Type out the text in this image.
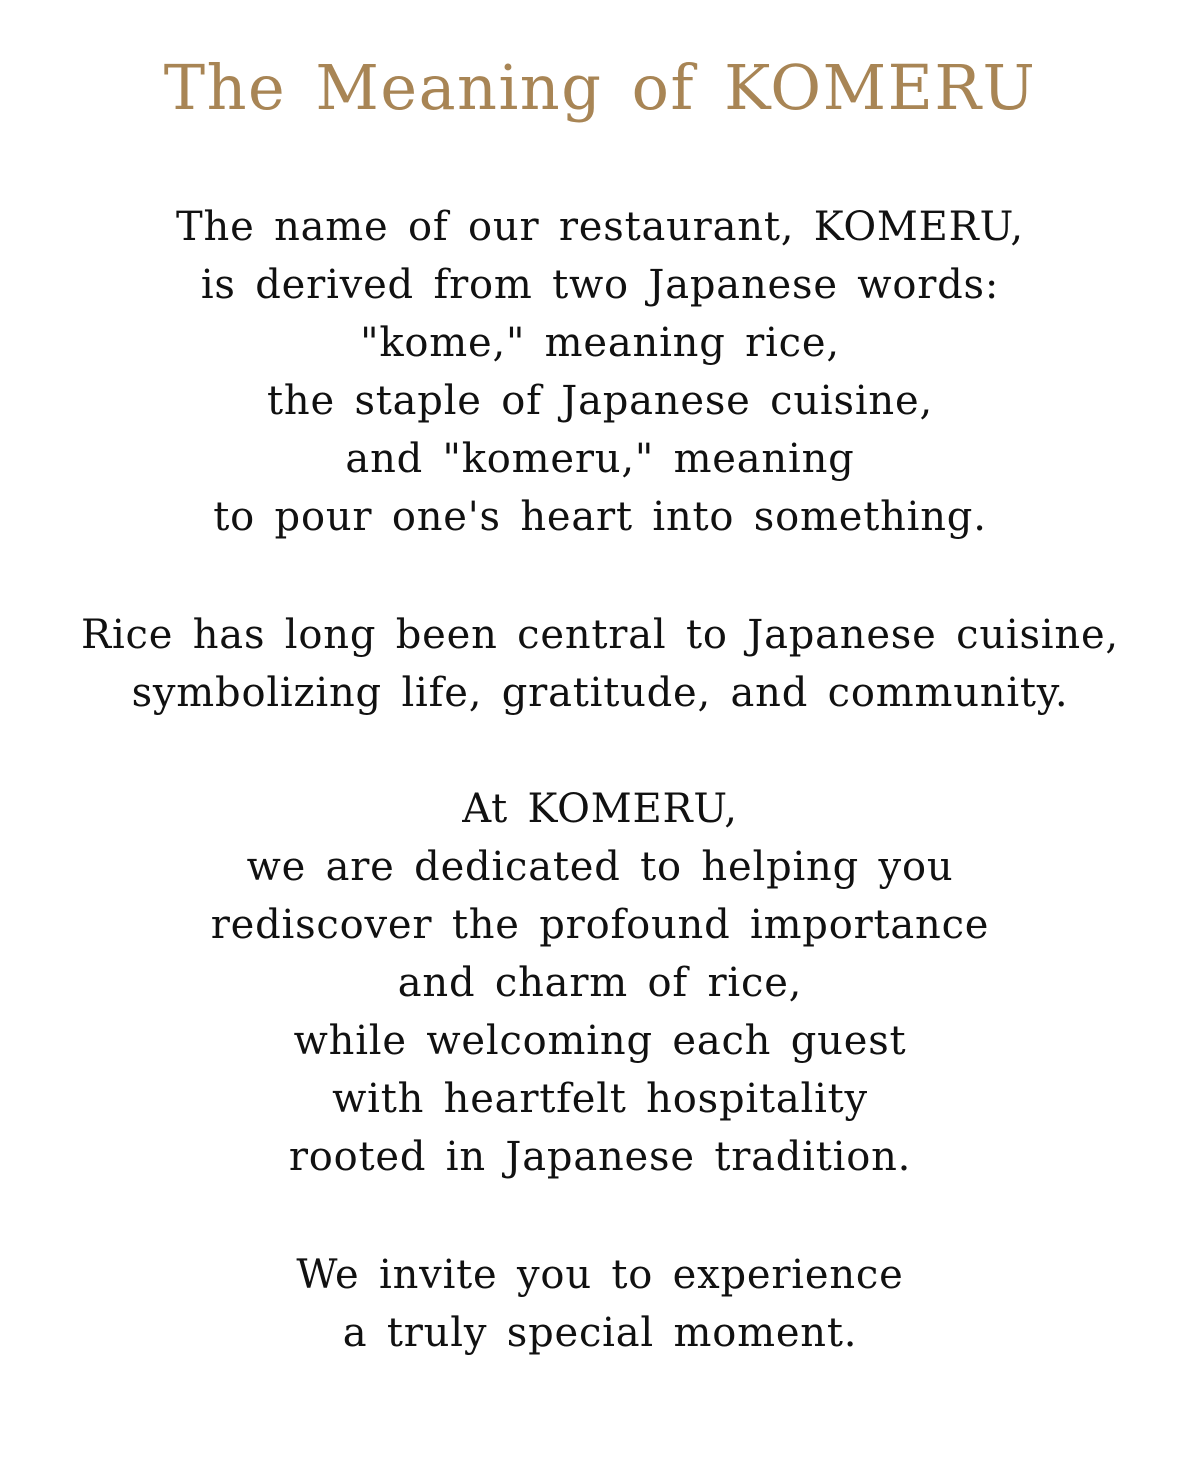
The Meaning of KOMERU

The name of our restaurant, KOMERU,
is derived from two Japanese words:
"kome," meaning rice,
the staple of Japanese cuisine,
and "komeru," meaning
to pour one's heart into something.

Rice has long been central to Japanese cuisine,
symbolizing life, gratitude, and community.

At KOMERU,
we are dedicated to helping you
rediscover the profound importance
and charm of rice,
while welcoming each guest
with heartfelt hospitality
rooted in Japanese tradition.

We invite you to experience
a truly special moment.
